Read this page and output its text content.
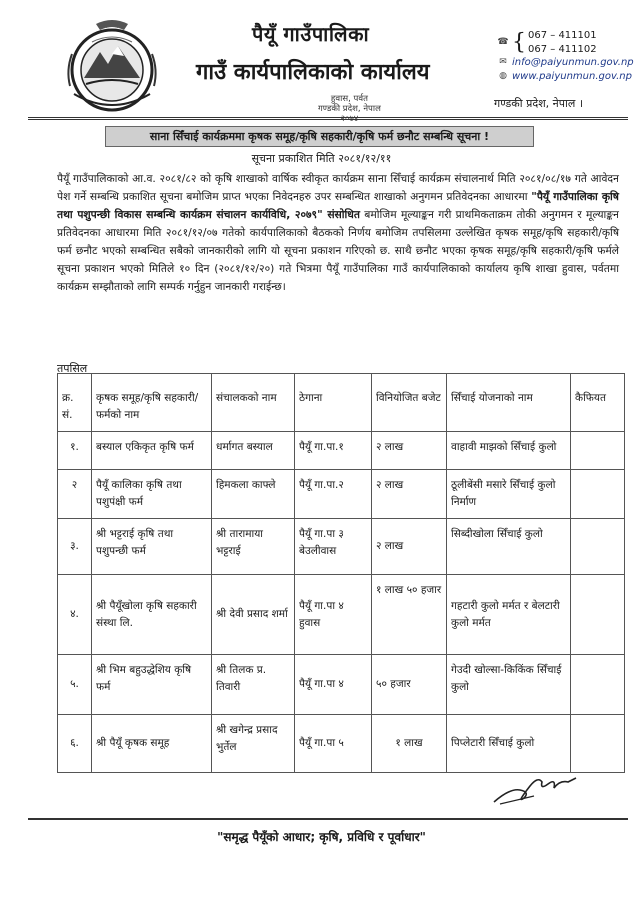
पैयूँ गाउँपालिका
गाउँ कार्यपालिकाको कार्यालय
हुवास, पर्वत
गण्डकी प्रदेश, नेपाल
☎ { 067 – 411101
067 – 411102
✉ info@paiyunmun.gov.np
◍ www.paiyunmun.gov.np
गण्डकी प्रदेश, नेपाल ।
साना सिँचाई कार्यक्रममा कृषक समूह/कृषि सहकारी/कृषि फर्म छनौट सम्बन्धि सूचना !
सूचना प्रकाशित मिति २०८१/१२/११
पैयूँ गाउँपालिकाको आ.व. २०८१/८२ को कृषि शाखाको वार्षिक स्वीकृत कार्यक्रम साना सिँचाई कार्यक्रम संचालनार्थ मिति २०८१/०८/१७ गते आवेदन पेश गर्ने सम्बन्धि प्रकाशित सूचना बमोजिम प्राप्त भएका निवेदनहरु उपर सम्बन्धित शाखाको अनुगमन प्रतिवेदनका आधारमा "पैयूँ गाउँपालिका कृषि तथा पशुपन्छी विकास सम्बन्धि कार्यक्रम संचालन कार्यविधि, २०७९" संसोधित बमोजिम मूल्याङ्कन गरी प्राथमिकताक्रम तोकी अनुगमन र मूल्याङ्कन प्रतिवेदनका आधारमा मिति २०८१/१२/०७ गतेको कार्यपालिकाको बैठकको निर्णय बमोजिम तपसिलमा उल्लेखित कृषक समूह/कृषि सहकारी/कृषि फर्म छनौट भएको सम्बन्धित सबैको जानकारीको लागि यो सूचना प्रकाशन गरिएको छ. साथै छनौट भएका कृषक समूह/कृषि सहकारी/कृषि फर्मले सूचना प्रकाशन भएको मितिले १० दिन (२०८१/१२/२०) गते भित्रमा पैयूँ गाउँपालिका गाउँ कार्यपालिकाको कार्यालय कृषि शाखा हुवास, पर्वतमा कार्यक्रम सम्झौताको लागि सम्पर्क गर्नुहुन जानकारी गराईन्छ।
तपसिल
क्र. सं.	कृषक समूह/कृषि सहकारी/फर्मको नाम	संचालकको नाम	ठेगाना	विनियोजित बजेट	सिँचाई योजनाको नाम	कैफियत
१.	बस्याल एकिकृत कृषि फर्म	धर्मागत बस्याल	पैयूँ गा.पा.१	२ लाख	वाहावी माझको सिँचाई कुलो	
२	पैयूँ कालिका कृषि तथा पशुपंक्षी फर्म	हिमकला काफ्ले	पैयूँ गा.पा.२	२ लाख	ठूलीबेंसी मसारे सिँचाई कुलो निर्माण	
३.	श्री भट्टराई कृषि तथा पशुपन्छी फर्म	श्री तारामाया भट्टराई	पैयूँ गा.पा ३ बेउलीवास	२ लाख	सिब्दीखोला सिँचाई कुलो	
४.	श्री पैयूँखोला कृषि सहकारी संस्था लि.	श्री देवी प्रसाद शर्मा	पैयूँ गा.पा ४ हुवास	१ लाख ५० हजार	गहटारी कुलो मर्मत र बेलटारी कुलो मर्मत	
५.	श्री भिम बहुउद्धेशिय कृषि फर्म	श्री तिलक प्र. तिवारी	पैयूँ गा.पा ४	५० हजार	गेउदी खोल्सा-किकिंक सिँचाई कुलो	
६.	श्री पैयूँ कृषक समूह	श्री खगेन्द्र प्रसाद भुर्तेल	पैयूँ गा.पा ५	१ लाख	पिप्लेटारी सिँचाई कुलो	
"समृद्ध पैयूँको आधार; कृषि, प्रविधि र पूर्वाधार"
